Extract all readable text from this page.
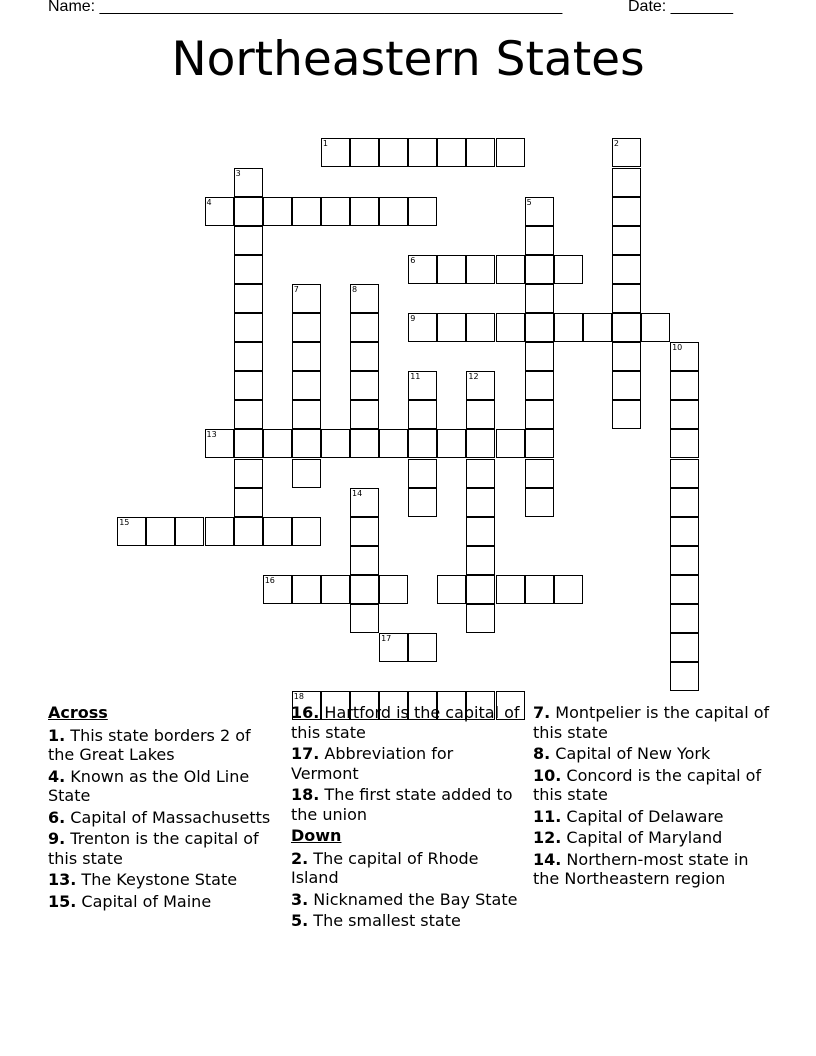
Name: ____________________________________________________	Date: _______
Northeastern States
1	2
3
4	5
6
7	8
9
10
11	12
13
14
15
16
17
18
Across
1. This state borders 2 of the Great Lakes
4. Known as the Old Line State
6. Capital of Massachusetts
9. Trenton is the capital of this state
13. The Keystone State
15. Capital of Maine
16. Hartford is the capital of this state
17. Abbreviation for Vermont
18. The first state added to the union
Down
2. The capital of Rhode Island
3. Nicknamed the Bay State
5. The smallest state
7. Montpelier is the capital of this state
8. Capital of New York
10. Concord is the capital of this state
11. Capital of Delaware
12. Capital of Maryland
14. Northern-most state in the Northeastern region
